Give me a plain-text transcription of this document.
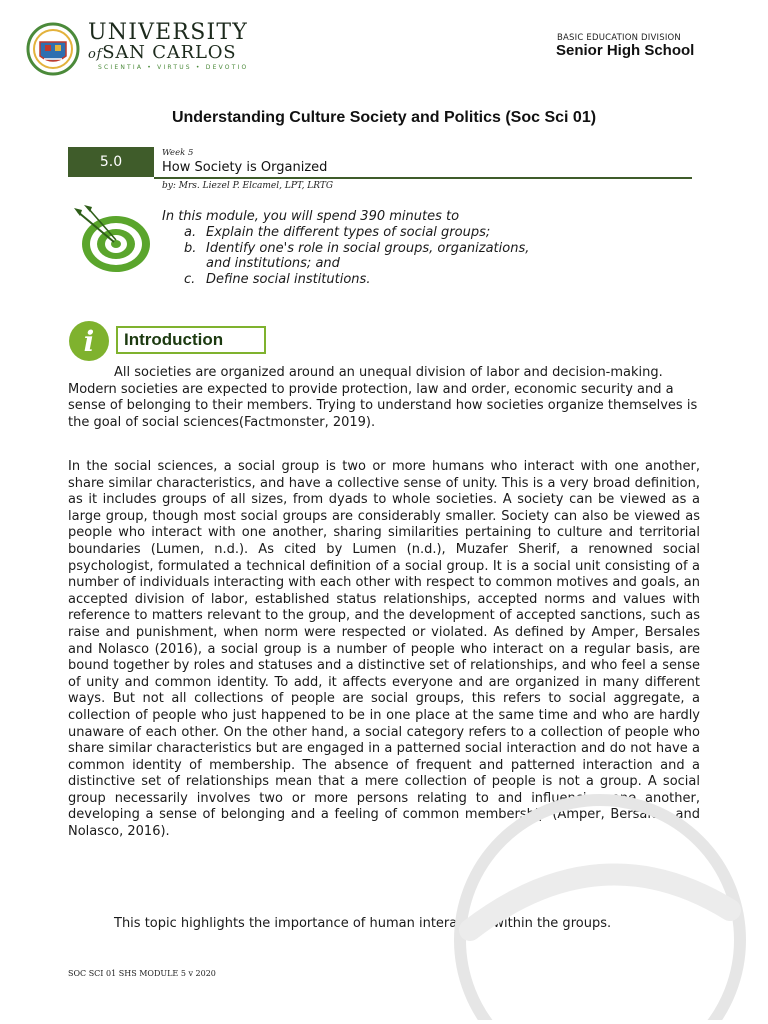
UNIVERSITY
ofSAN CARLOS
SCIENTIA • VIRTUS • DEVOTIO
BASIC EDUCATION DIVISION
Senior High School
Understanding Culture Society and Politics (Soc Sci 01)
5.0
Week 5
How Society is Organized
by: Mrs. Liezel P. Elcamel, LPT, LRTG
In this module, you will spend 390 minutes to
a. Explain the different types of social groups;
b. Identify one's role in social groups, organizations,
and institutions; and
c. Define social institutions.
i Introduction

All societies are organized around an unequal division of labor and decision-making. Modern societies are expected to provide protection, law and order, economic security and a sense of belonging to their members. Trying to understand how societies organize themselves is the goal of social sciences(Factmonster, 2019).

In the social sciences, a social group is two or more humans who interact with one another, share similar characteristics, and have a collective sense of unity. This is a very broad definition, as it includes groups of all sizes, from dyads to whole societies. A society can be viewed as a large group, though most social groups are considerably smaller. Society can also be viewed as people who interact with one another, sharing similarities pertaining to culture and territorial boundaries (Lumen, n.d.). As cited by Lumen (n.d.), Muzafer Sherif, a renowned social psychologist, formulated a technical definition of a social group. It is a social unit consisting of a number of individuals interacting with each other with respect to common motives and goals, an accepted division of labor, established status relationships, accepted norms and values with reference to matters relevant to the group, and the development of accepted sanctions, such as raise and punishment, when norm were respected or violated. As defined by Amper, Bersales and Nolasco (2016), a social group is a number of people who interact on a regular basis, are bound together by roles and statuses and a distinctive set of relationships, and who feel a sense of unity and common identity. To add, it affects everyone and are organized in many different ways. But not all collections of people are social groups, this refers to social aggregate, a collection of people who just happened to be in one place at the same time and who are hardly unaware of each other. On the other hand, a social category refers to a collection of people who share similar characteristics but are engaged in a patterned social interaction and do not have a common identity of membership. The absence of frequent and patterned interaction and a distinctive set of relationships mean that a mere collection of people is not a group. A social group necessarily involves two or more persons relating to and influencing one another, developing a sense of belonging and a feeling of common membership (Amper, Bersales, and Nolasco, 2016).

This topic highlights the importance of human interaction within the groups.

SOC SCI 01 SHS MODULE 5 v 2020
